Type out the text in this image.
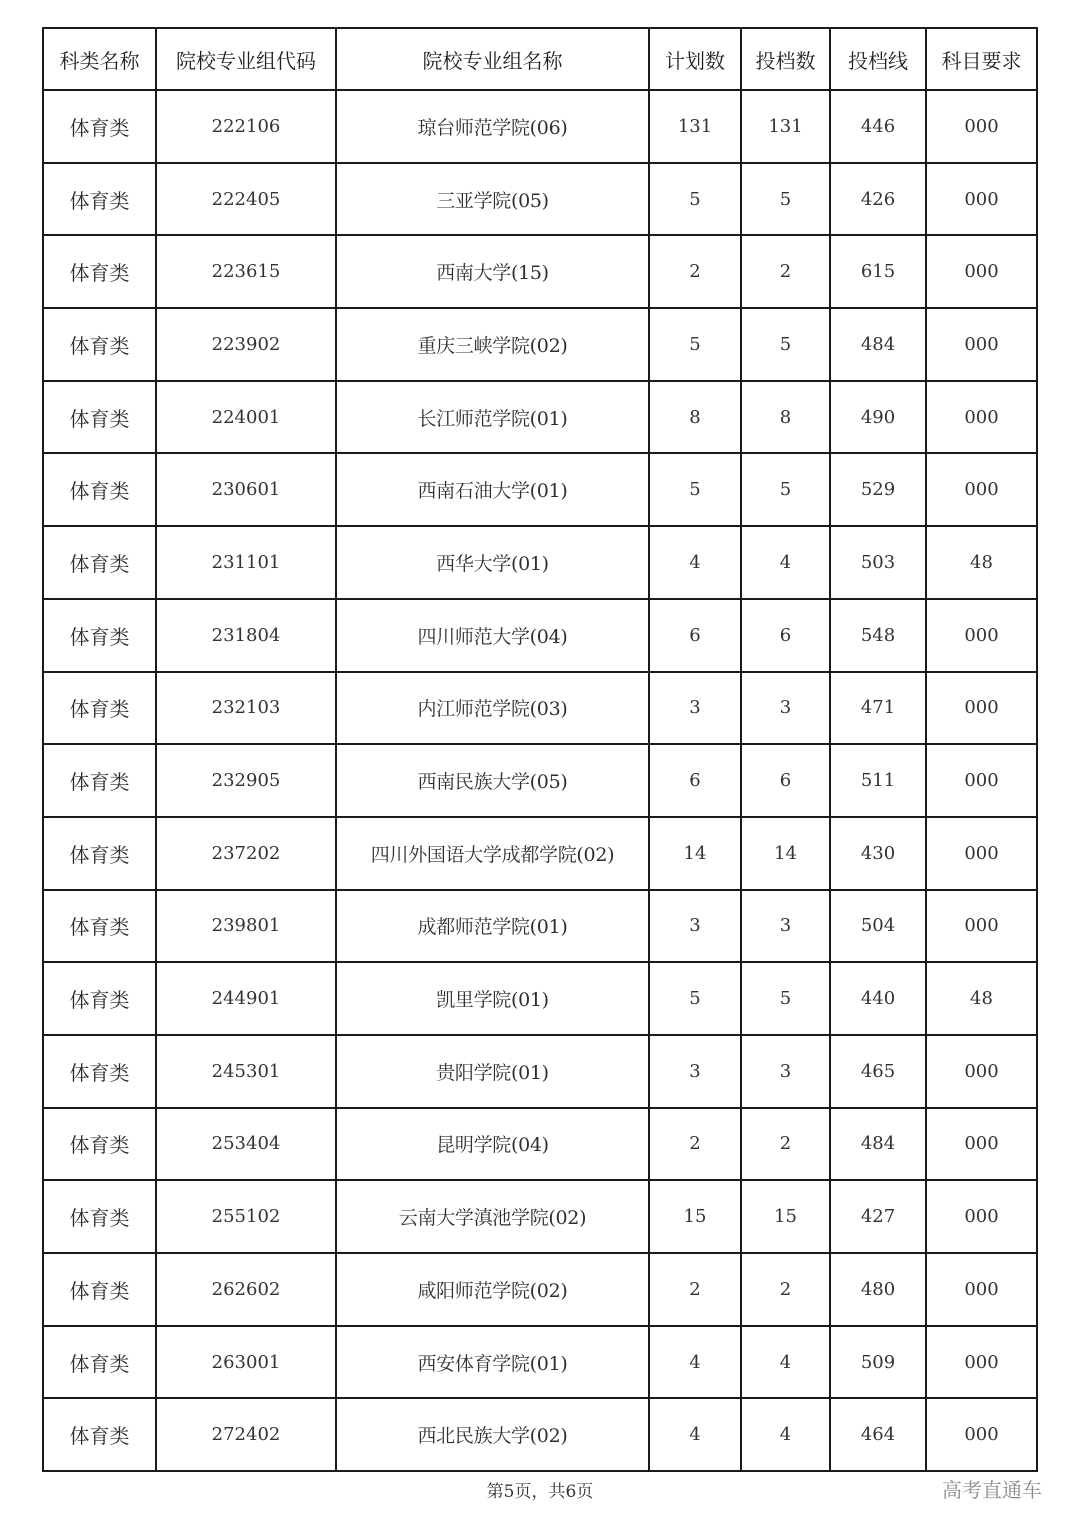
科类名称	院校专业组代码	院校专业组名称	计划数	投档数	投档线	科目要求
体育类	222106	琼台师范学院(06)	131	131	446	000
体育类	222405	三亚学院(05)	5	5	426	000
体育类	223615	西南大学(15)	2	2	615	000
体育类	223902	重庆三峡学院(02)	5	5	484	000
体育类	224001	长江师范学院(01)	8	8	490	000
体育类	230601	西南石油大学(01)	5	5	529	000
体育类	231101	西华大学(01)	4	4	503	48
体育类	231804	四川师范大学(04)	6	6	548	000
体育类	232103	内江师范学院(03)	3	3	471	000
体育类	232905	西南民族大学(05)	6	6	511	000
体育类	237202	四川外国语大学成都学院(02)	14	14	430	000
体育类	239801	成都师范学院(01)	3	3	504	000
体育类	244901	凯里学院(01)	5	5	440	48
体育类	245301	贵阳学院(01)	3	3	465	000
体育类	253404	昆明学院(04)	2	2	484	000
体育类	255102	云南大学滇池学院(02)	15	15	427	000
体育类	262602	咸阳师范学院(02)	2	2	480	000
体育类	263001	西安体育学院(01)	4	4	509	000
体育类	272402	西北民族大学(02)	4	4	464	000
第5页，共6页	高考直通车
